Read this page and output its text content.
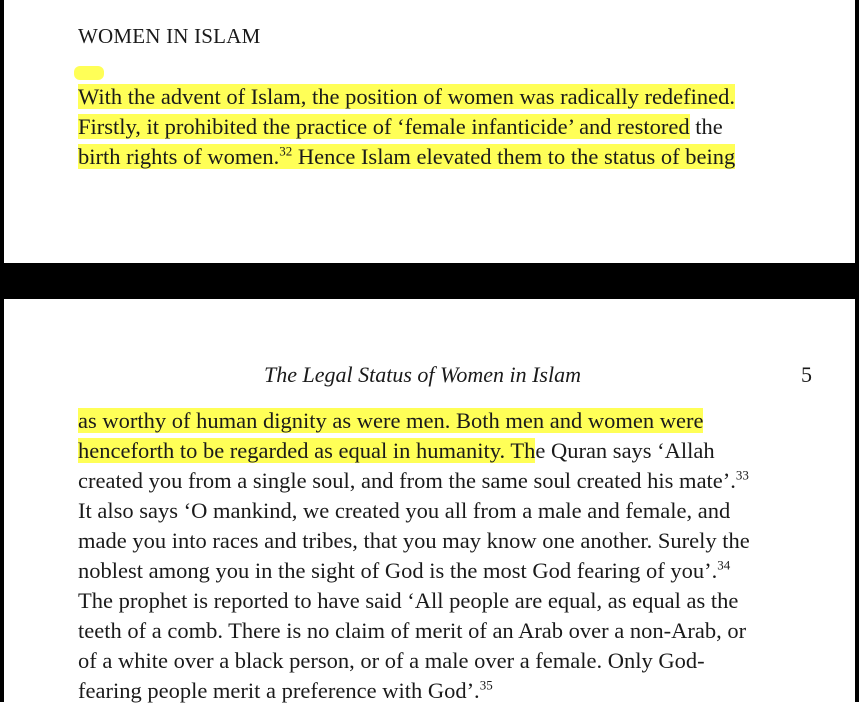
WOMEN IN ISLAM
With the advent of Islam, the position of women was radically redefined.
Firstly, it prohibited the practice of ‘female infanticide’ and restored the
birth rights of women.$^{32}$ Hence Islam elevated them to the status of being
The Legal Status of Women in Islam	5
as worthy of human dignity as were men. Both men and women were
henceforth to be regarded as equal in humanity. The Quran says ‘Allah
created you from a single soul, and from the same soul created his mate’.$^{33}$
It also says ‘O mankind, we created you all from a male and female, and
made you into races and tribes, that you may know one another. Surely the
noblest among you in the sight of God is the most God fearing of you’.$^{34}$
The prophet is reported to have said ‘All people are equal, as equal as the
teeth of a comb. There is no claim of merit of an Arab over a non-Arab, or
of a white over a black person, or of a male over a female. Only God-
fearing people merit a preference with God’.$^{35}$
